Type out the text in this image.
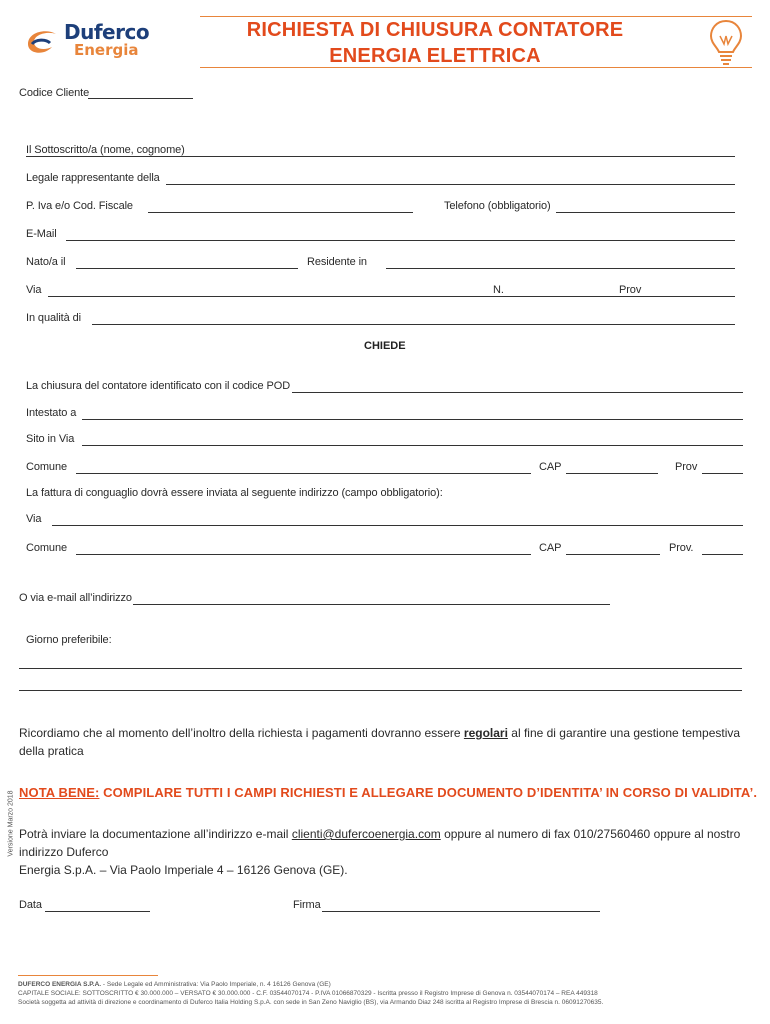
Duferco
Energia
RICHIESTA DI CHIUSURA CONTATORE
ENERGIA ELETTRICA
Codice Cliente
Il Sottoscritto/a (nome, cognome)
Legale rappresentante della
P. Iva e/o Cod. Fiscale	Telefono (obbligatorio)
E-Mail
Nato/a il	Residente in
Via	N.	Prov
In qualità di
CHIEDE
La chiusura del contatore identificato con il codice POD
Intestato a
Sito in Via
Comune	CAP	Prov
La fattura di conguaglio dovrà essere inviata al seguente indirizzo (campo obbligatorio):
Via
Comune	CAP	Prov.
O via e-mail all’indirizzo
Giorno preferibile:
Ricordiamo che al momento dell’inoltro della richiesta i pagamenti dovranno essere regolari al fine di garantire una gestione tempestiva della pratica
NOTA BENE: COMPILARE TUTTI I CAMPI RICHIESTI E ALLEGARE DOCUMENTO D’IDENTITA’ IN CORSO DI VALIDITA’.
Potrà inviare la documentazione all’indirizzo e-mail clienti@dufercoenergia.com oppure al numero di fax 010/27560460 oppure al nostro indirizzo Duferco
Energia S.p.A. – Via Paolo Imperiale 4 – 16126 Genova (GE).
Data	Firma
Versione Marzo 2018
DUFERCO ENERGIA S.P.A. - Sede Legale ed Amministrativa: Via Paolo Imperiale, n. 4 16126 Genova (GE)
CAPITALE SOCIALE: SOTTOSCRITTO € 30.000.000 – VERSATO € 30.000.000 - C.F. 03544070174 - P.IVA 01066870329 - Iscritta presso il Registro Imprese di Genova n. 03544070174 – REA 449318
Società soggetta ad attività di direzione e coordinamento di Duferco Italia Holding S.p.A. con sede in San Zeno Naviglio (BS), via Armando Diaz 248 iscritta al Registro Imprese di Brescia n. 06091270635.
